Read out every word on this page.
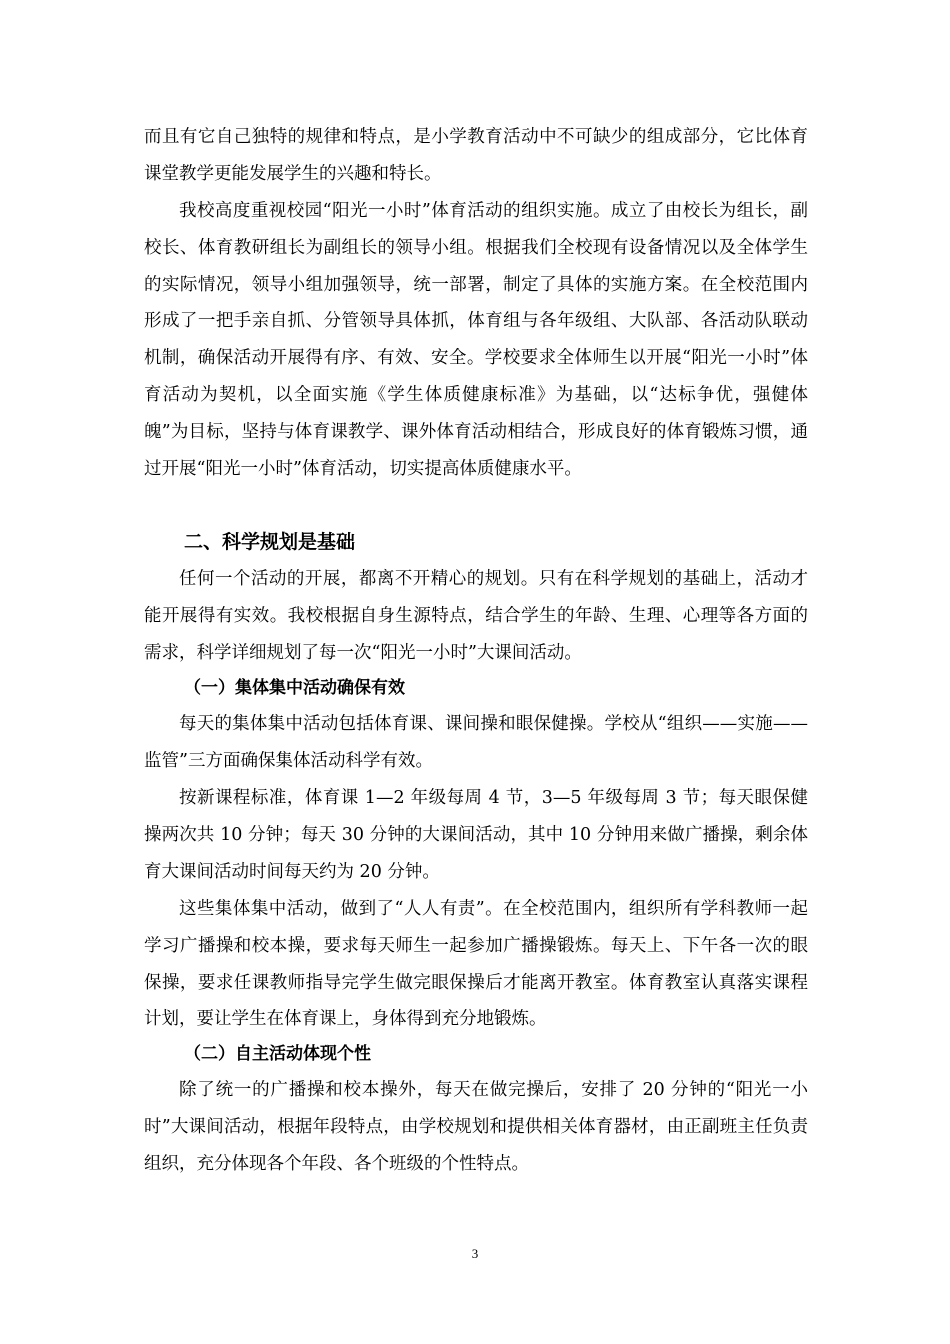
而且有它自己独特的规律和特点，是小学教育活动中不可缺少的组成部分，它比体育课堂教学更能发展学生的兴趣和特长。

我校高度重视校园“阳光一小时”体育活动的组织实施。成立了由校长为组长，副校长、体育教研组长为副组长的领导小组。根据我们全校现有设备情况以及全体学生的实际情况，领导小组加强领导，统一部署，制定了具体的实施方案。在全校范围内形成了一把手亲自抓、分管领导具体抓，体育组与各年级组、大队部、各活动队联动机制，确保活动开展得有序、有效、安全。学校要求全体师生以开展“阳光一小时”体育活动为契机，以全面实施《学生体质健康标准》为基础，以“达标争优，强健体魄”为目标，坚持与体育课教学、课外体育活动相结合，形成良好的体育锻炼习惯，通过开展“阳光一小时”体育活动，切实提高体质健康水平。

二、科学规划是基础

任何一个活动的开展，都离不开精心的规划。只有在科学规划的基础上，活动才能开展得有实效。我校根据自身生源特点，结合学生的年龄、生理、心理等各方面的需求，科学详细规划了每一次“阳光一小时”大课间活动。

（一）集体集中活动确保有效

每天的集体集中活动包括体育课、课间操和眼保健操。学校从“组织——实施——监管”三方面确保集体活动科学有效。

按新课程标准，体育课 1—2 年级每周 4 节，3—5 年级每周 3 节；每天眼保健操两次共 10 分钟；每天 30 分钟的大课间活动，其中 10 分钟用来做广播操，剩余体育大课间活动时间每天约为 20 分钟。

这些集体集中活动，做到了“人人有责”。在全校范围内，组织所有学科教师一起学习广播操和校本操，要求每天师生一起参加广播操锻炼。每天上、下午各一次的眼保操，要求任课教师指导完学生做完眼保操后才能离开教室。体育教室认真落实课程计划，要让学生在体育课上，身体得到充分地锻炼。

（二）自主活动体现个性

除了统一的广播操和校本操外，每天在做完操后，安排了 20 分钟的“阳光一小时”大课间活动，根据年段特点，由学校规划和提供相关体育器材，由正副班主任负责组织，充分体现各个年段、各个班级的个性特点。

3
